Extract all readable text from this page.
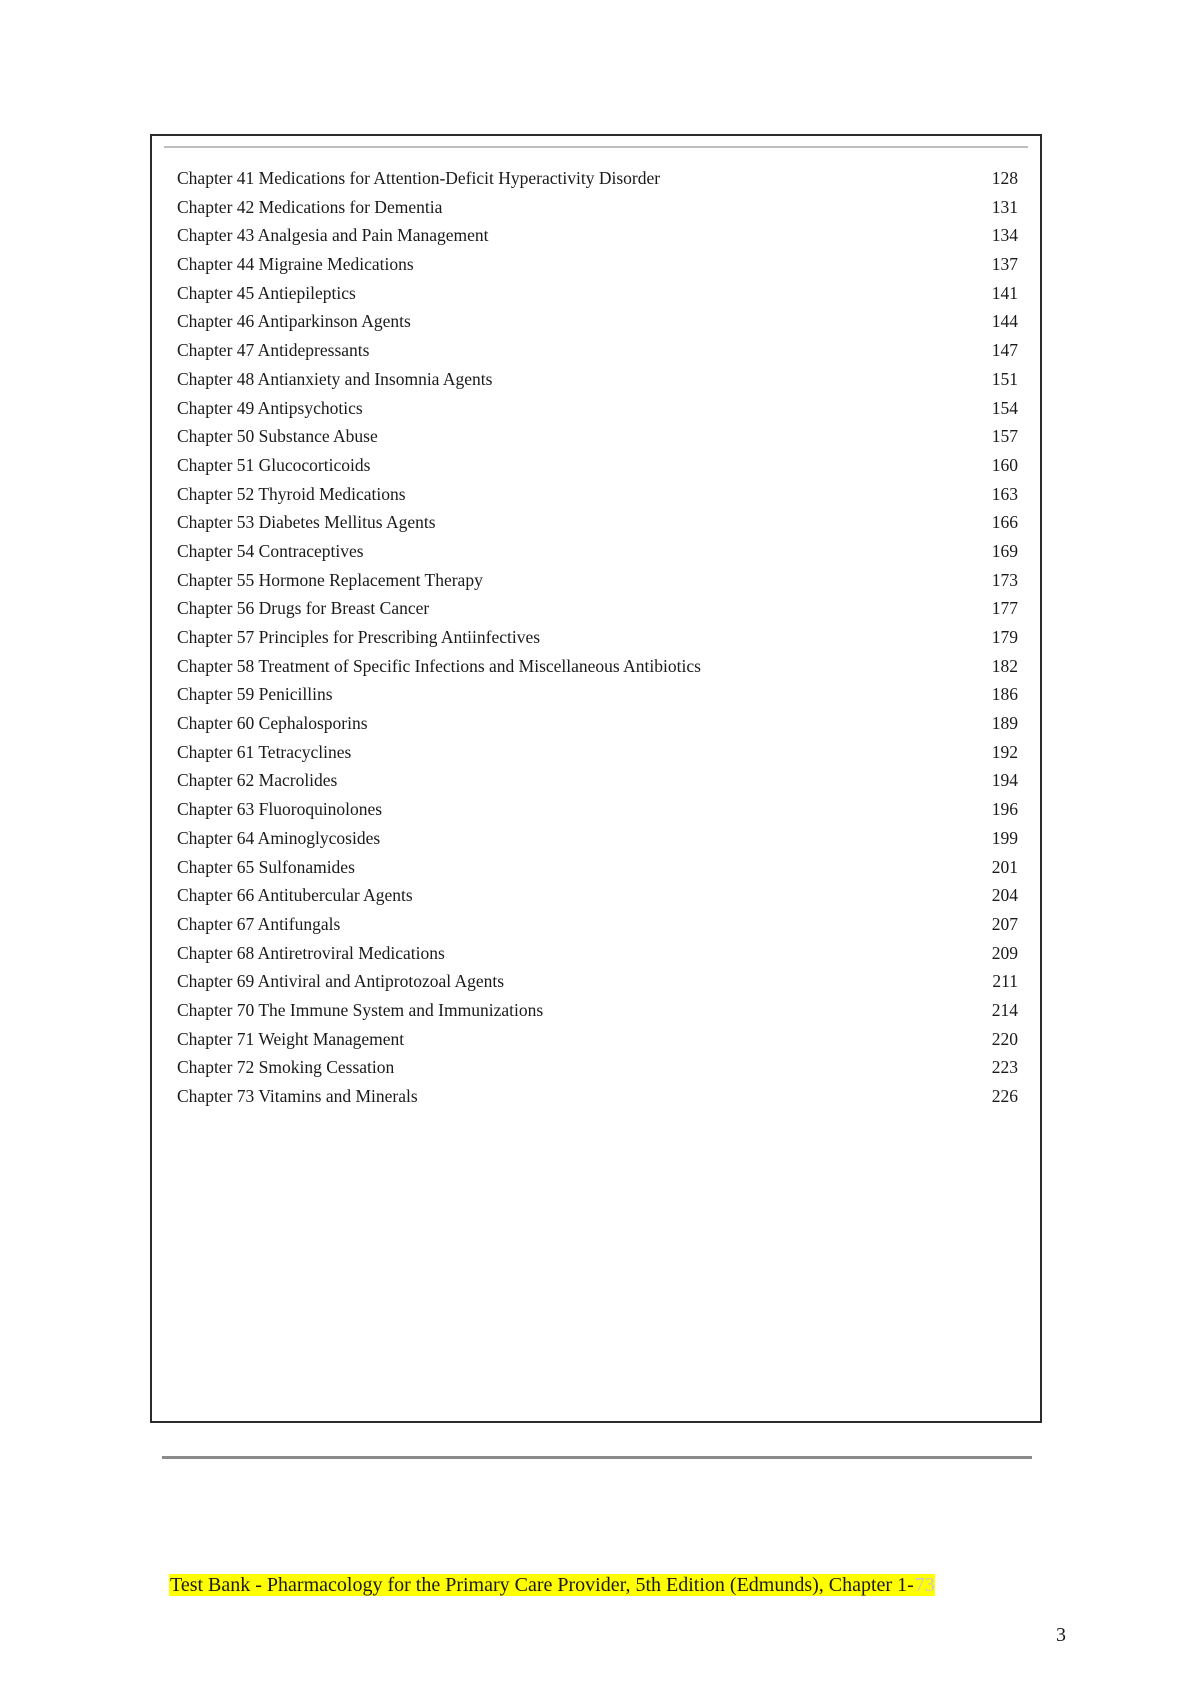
Chapter 41 Medications for Attention-Deficit Hyperactivity Disorder	128
Chapter 42 Medications for Dementia	131
Chapter 43 Analgesia and Pain Management	134
Chapter 44 Migraine Medications	137
Chapter 45 Antiepileptics	141
Chapter 46 Antiparkinson Agents	144
Chapter 47 Antidepressants	147
Chapter 48 Antianxiety and Insomnia Agents	151
Chapter 49 Antipsychotics	154
Chapter 50 Substance Abuse	157
Chapter 51 Glucocorticoids	160
Chapter 52 Thyroid Medications	163
Chapter 53 Diabetes Mellitus Agents	166
Chapter 54 Contraceptives	169
Chapter 55 Hormone Replacement Therapy	173
Chapter 56 Drugs for Breast Cancer	177
Chapter 57 Principles for Prescribing Antiinfectives	179
Chapter 58 Treatment of Specific Infections and Miscellaneous Antibiotics	182
Chapter 59 Penicillins	186
Chapter 60 Cephalosporins	189
Chapter 61 Tetracyclines	192
Chapter 62 Macrolides	194
Chapter 63 Fluoroquinolones	196
Chapter 64 Aminoglycosides	199
Chapter 65 Sulfonamides	201
Chapter 66 Antitubercular Agents	204
Chapter 67 Antifungals	207
Chapter 68 Antiretroviral Medications	209
Chapter 69 Antiviral and Antiprotozoal Agents	211
Chapter 70 The Immune System and Immunizations	214
Chapter 71 Weight Management	220
Chapter 72 Smoking Cessation	223
Chapter 73 Vitamins and Minerals	226
Test Bank - Pharmacology for the Primary Care Provider, 5th Edition (Edmunds), Chapter 1-73
3
